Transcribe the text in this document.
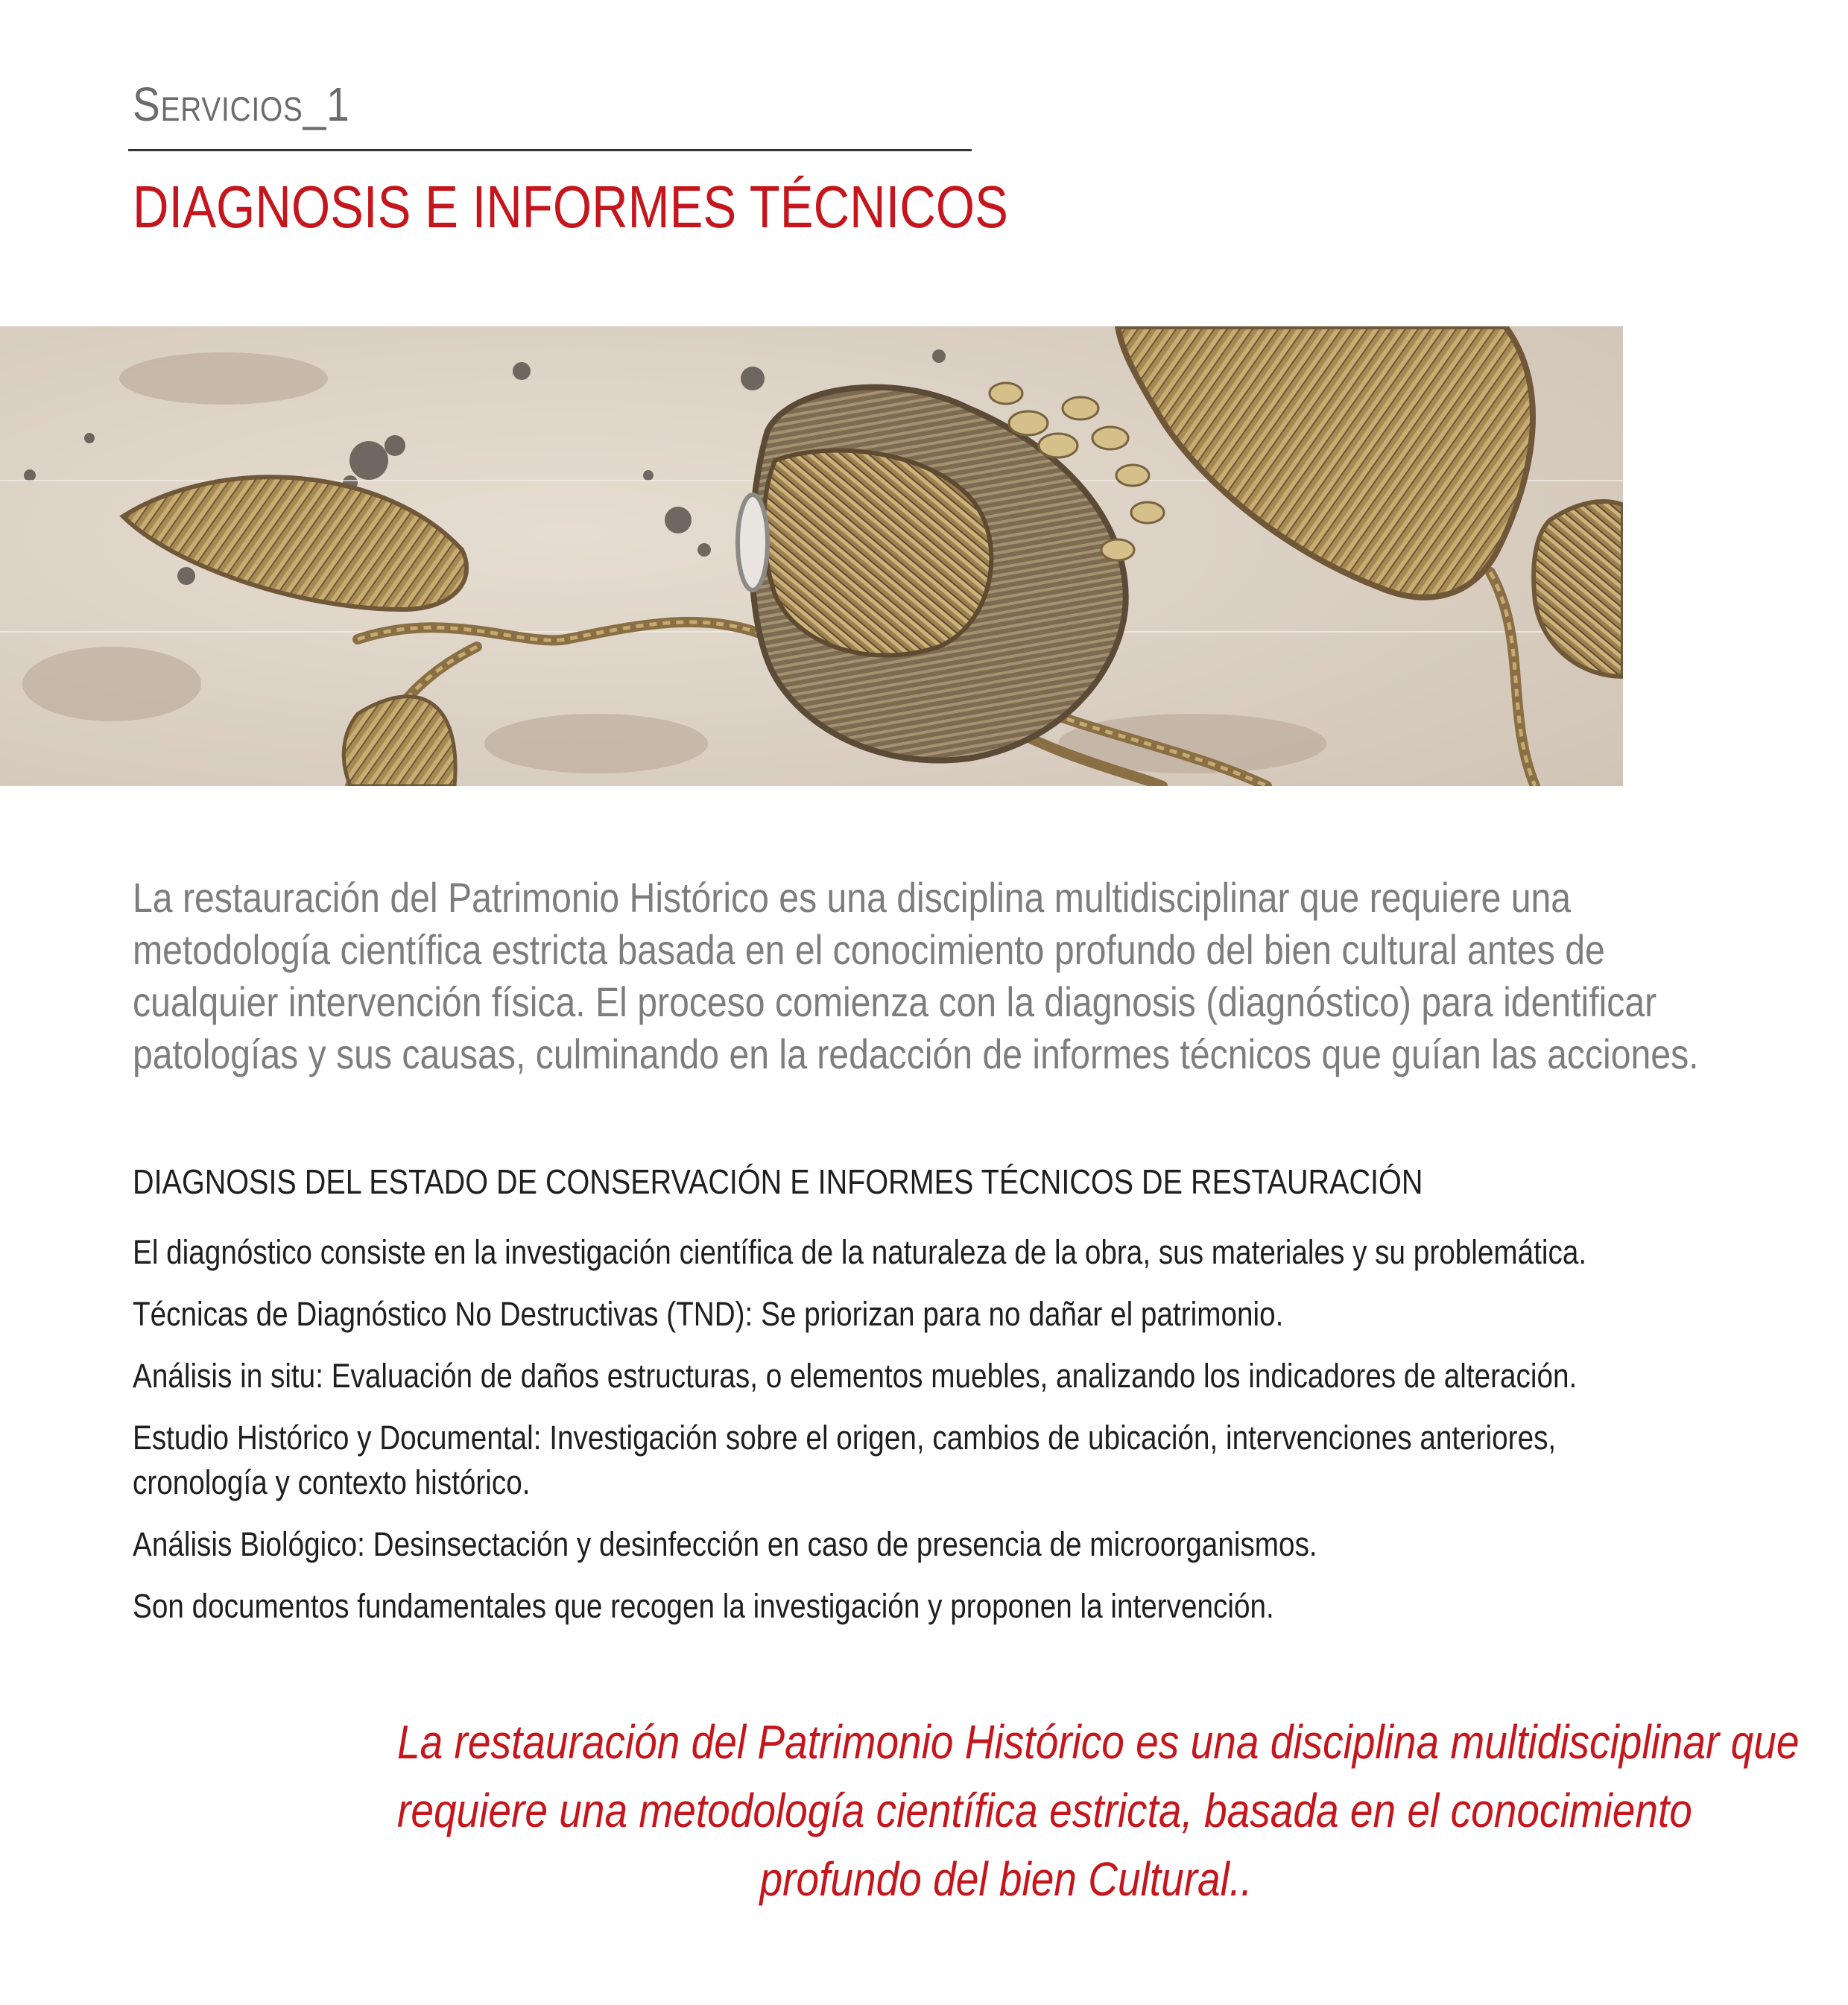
Servicios_1
DIAGNOSIS E INFORMES TÉCNICOS

La restauración del Patrimonio Histórico es una disciplina multidisciplinar que requiere una
metodología científica estricta basada en el conocimiento profundo del bien cultural antes de
cualquier intervención física. El proceso comienza con la diagnosis (diagnóstico) para identificar
patologías y sus causas, culminando en la redacción de informes técnicos que guían las acciones.

DIAGNOSIS DEL ESTADO DE CONSERVACIÓN E INFORMES TÉCNICOS DE RESTAURACIÓN
El diagnóstico consiste en la investigación científica de la naturaleza de la obra, sus materiales y su problemática.
Técnicas de Diagnóstico No Destructivas (TND): Se priorizan para no dañar el patrimonio.
Análisis in situ: Evaluación de daños estructuras, o elementos muebles, analizando los indicadores de alteración.
Estudio Histórico y Documental: Investigación sobre el origen, cambios de ubicación, intervenciones anteriores,
cronología y contexto histórico.
Análisis Biológico: Desinsectación y desinfección en caso de presencia de microorganismos.
Son documentos fundamentales que recogen la investigación y proponen la intervención.
La restauración del Patrimonio Histórico es una disciplina multidisciplinar que
requiere una metodología científica estricta, basada en el conocimiento
profundo del bien Cultural..
